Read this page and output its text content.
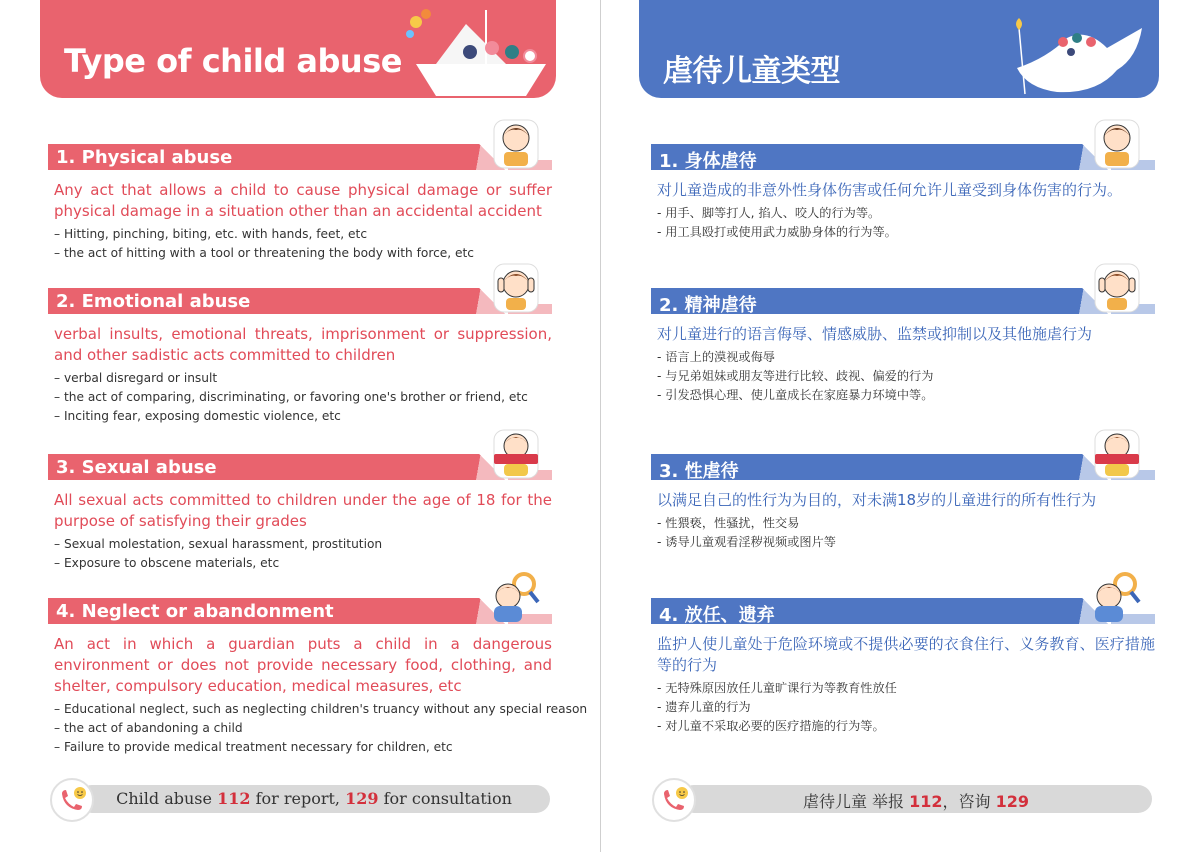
Type of child abuse
1. Physical abuse
Any act that allows a child to cause physical damage or suffer physical damage in a situation other than an accidental accident
– Hitting, pinching, biting, etc. with hands, feet, etc
– the act of hitting with a tool or threatening the body with force, etc
2. Emotional abuse
verbal insults, emotional threats, imprisonment or suppression, and other sadistic acts committed to children
– verbal disregard or insult
– the act of comparing, discriminating, or favoring one's brother or friend, etc
– Inciting fear, exposing domestic violence, etc
3. Sexual abuse
All sexual acts committed to children under the age of 18 for the purpose of satisfying their grades
– Sexual molestation, sexual harassment, prostitution
– Exposure to obscene materials, etc
4. Neglect or abandonment
An act in which a guardian puts a child in a dangerous environment or does not provide necessary food, clothing, and shelter, compulsory education, medical measures, etc
– Educational neglect, such as neglecting children's truancy without any special reason
– the act of abandoning a child
– Failure to provide medical treatment necessary for children, etc
Child abuse 112 for report, 129 for consultation
虐待儿童类型
1. 身体虐待
对儿童造成的非意外性身体伤害或任何允许儿童受到身体伤害的行为。
- 用手、脚等打人, 掐人、咬人的行为等。
- 用工具殴打或使用武力威胁身体的行为等。
2. 精神虐待
对儿童进行的语言侮辱、情感威胁、监禁或抑制以及其他施虐行为
- 语言上的漠视或侮辱
- 与兄弟姐妹或朋友等进行比较、歧视、偏爱的行为
- 引发恐惧心理、使儿童成长在家庭暴力环境中等。
3. 性虐待
以满足自己的性行为为目的，对未满18岁的儿童进行的所有性行为
- 性猥亵，性骚扰，性交易
- 诱导儿童观看淫秽视频或图片等
4. 放任、遗弃
监护人使儿童处于危险环境或不提供必要的衣食住行、义务教育、医疗措施等的行为
- 无特殊原因放任儿童旷课行为等教育性放任
- 遗弃儿童的行为
- 对儿童不采取必要的医疗措施的行为等。
虐待儿童 举报 112，咨询 129
